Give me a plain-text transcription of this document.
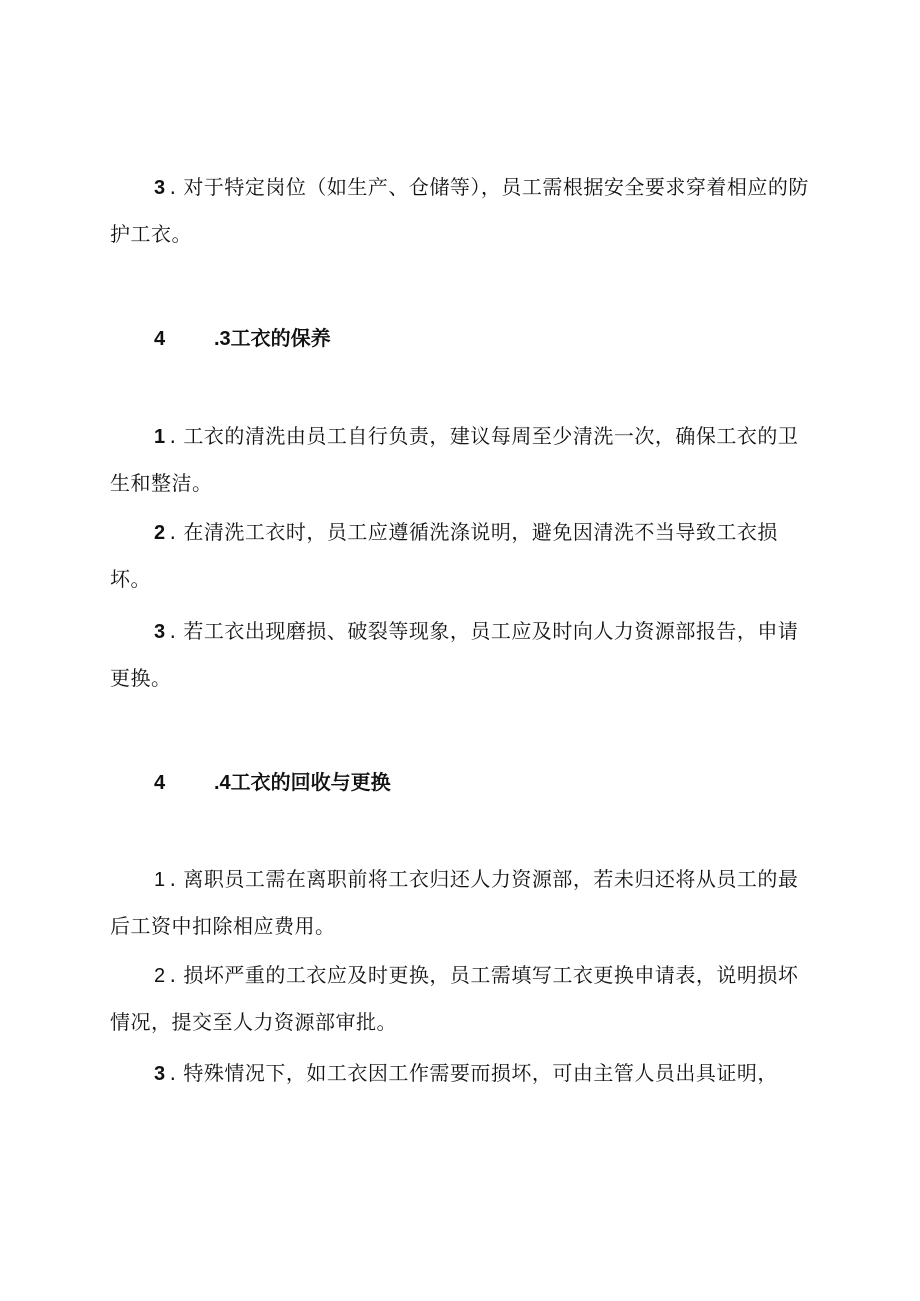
3 . 对于特定岗位（如生产、仓储等），员工需根据安全要求穿着相应的防护工衣。
4 .3工衣的保养
1 . 工衣的清洗由员工自行负责，建议每周至少清洗一次，确保工衣的卫生和整洁。
2 . 在清洗工衣时，员工应遵循洗涤说明，避免因清洗不当导致工衣损坏。
3 . 若工衣出现磨损、破裂等现象，员工应及时向人力资源部报告，申请更换。
4 .4工衣的回收与更换
1 . 离职员工需在离职前将工衣归还人力资源部，若未归还将从员工的最后工资中扣除相应费用。
2 . 损坏严重的工衣应及时更换，员工需填写工衣更换申请表，说明损坏情况，提交至人力资源部审批。
3 . 特殊情况下，如工衣因工作需要而损坏，可由主管人员出具证明，
